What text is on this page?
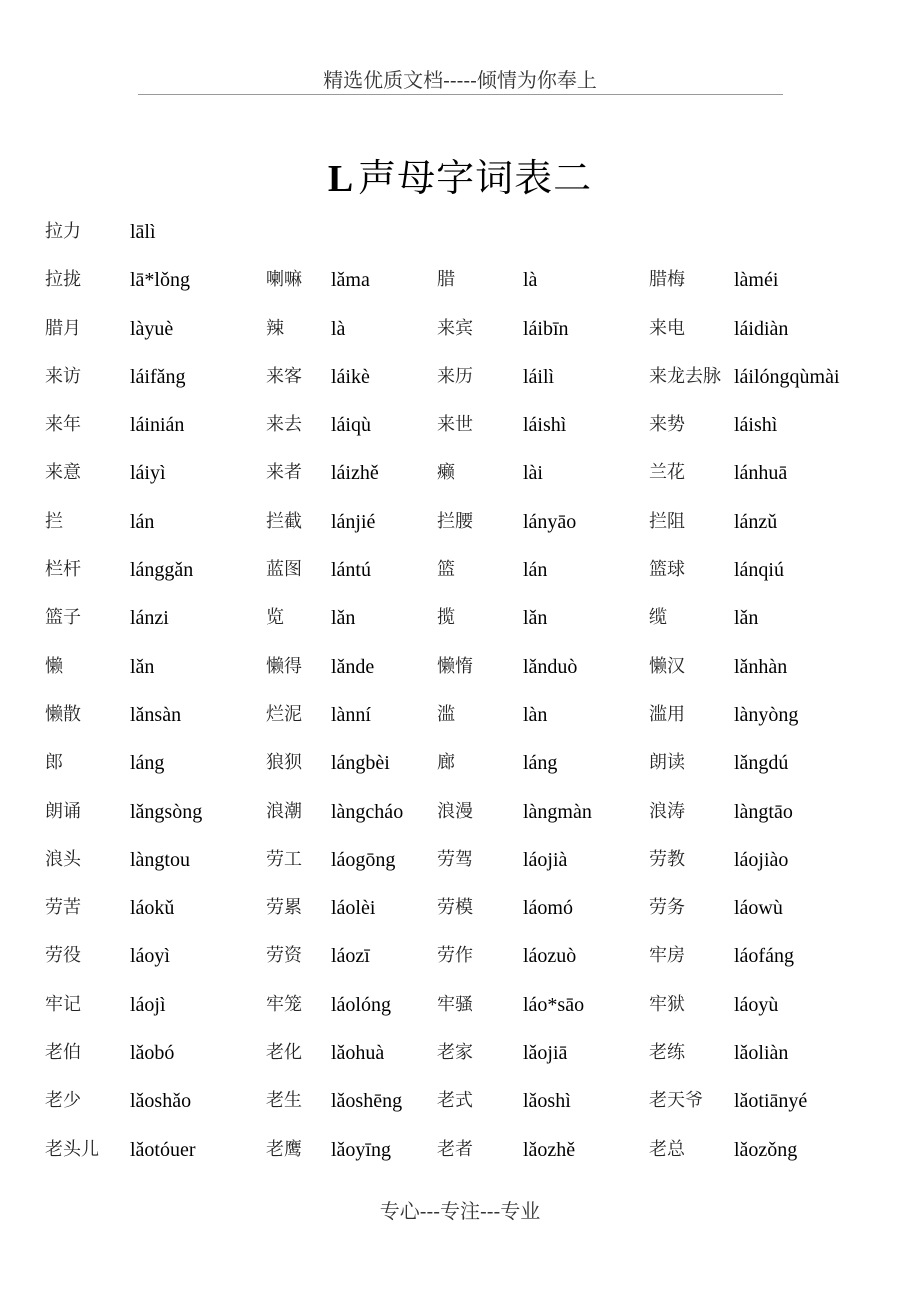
精选优质文档-----倾情为你奉上
L 声母字词表二
拉力 lālì
拉拢 lā*lǒng	喇嘛 lǎma	腊	là	腊梅 làméi
腊月 làyuè	辣 là	来宾	láibīn	来电 láidiàn
来访 láifǎng	来客 láikè	来历	láilì	来龙去脉 láilóngqùmài
来年 láinián	来去 láiqù	来世	láishì	来势 láishì
来意 láiyì	来者 láizhě	癞	lài	兰花 lánhuā
拦	lán	拦截 lánjié	拦腰	lányāo	拦阻 lánzǔ
栏杆 lánggǎn	蓝图 lántú	篮	lán	篮球 lánqiú
篮子 lánzi	览 lǎn	揽	lǎn	缆	lǎn
懒	lǎn	懒得 lǎnde	懒惰	lǎnduò	懒汉 lǎnhàn
懒散 lǎnsàn	烂泥 lànní	滥	làn	滥用 lànyòng
郎	láng	狼狈 lángbèi	廊	láng	朗读 lǎngdú
朗诵 lǎngsòng	浪潮 làngcháo 浪漫	làngmàn	浪涛 làngtāo
浪头 làngtou	劳工 láogōng 劳驾	láojià	劳教 láojiào
劳苦 láokǔ	劳累 láolèi	劳模	láomó	劳务 láowù
劳役 láoyì	劳资 láozī	劳作	láozuò	牢房 láofáng
牢记 láojì	牢笼 láolóng	牢骚	láo*sāo	牢狱 láoyù
老伯 lǎobó	老化 lǎohuà	老家	lǎojiā	老练 lǎoliàn
老少 lǎoshǎo	老生 lǎoshēng 老式	lǎoshì	老天爷 lǎotiānyé
老头儿 lǎotóuer	老鹰 lǎoyīng	老者	lǎozhě	老总 lǎozǒng
专心---专注---专业
